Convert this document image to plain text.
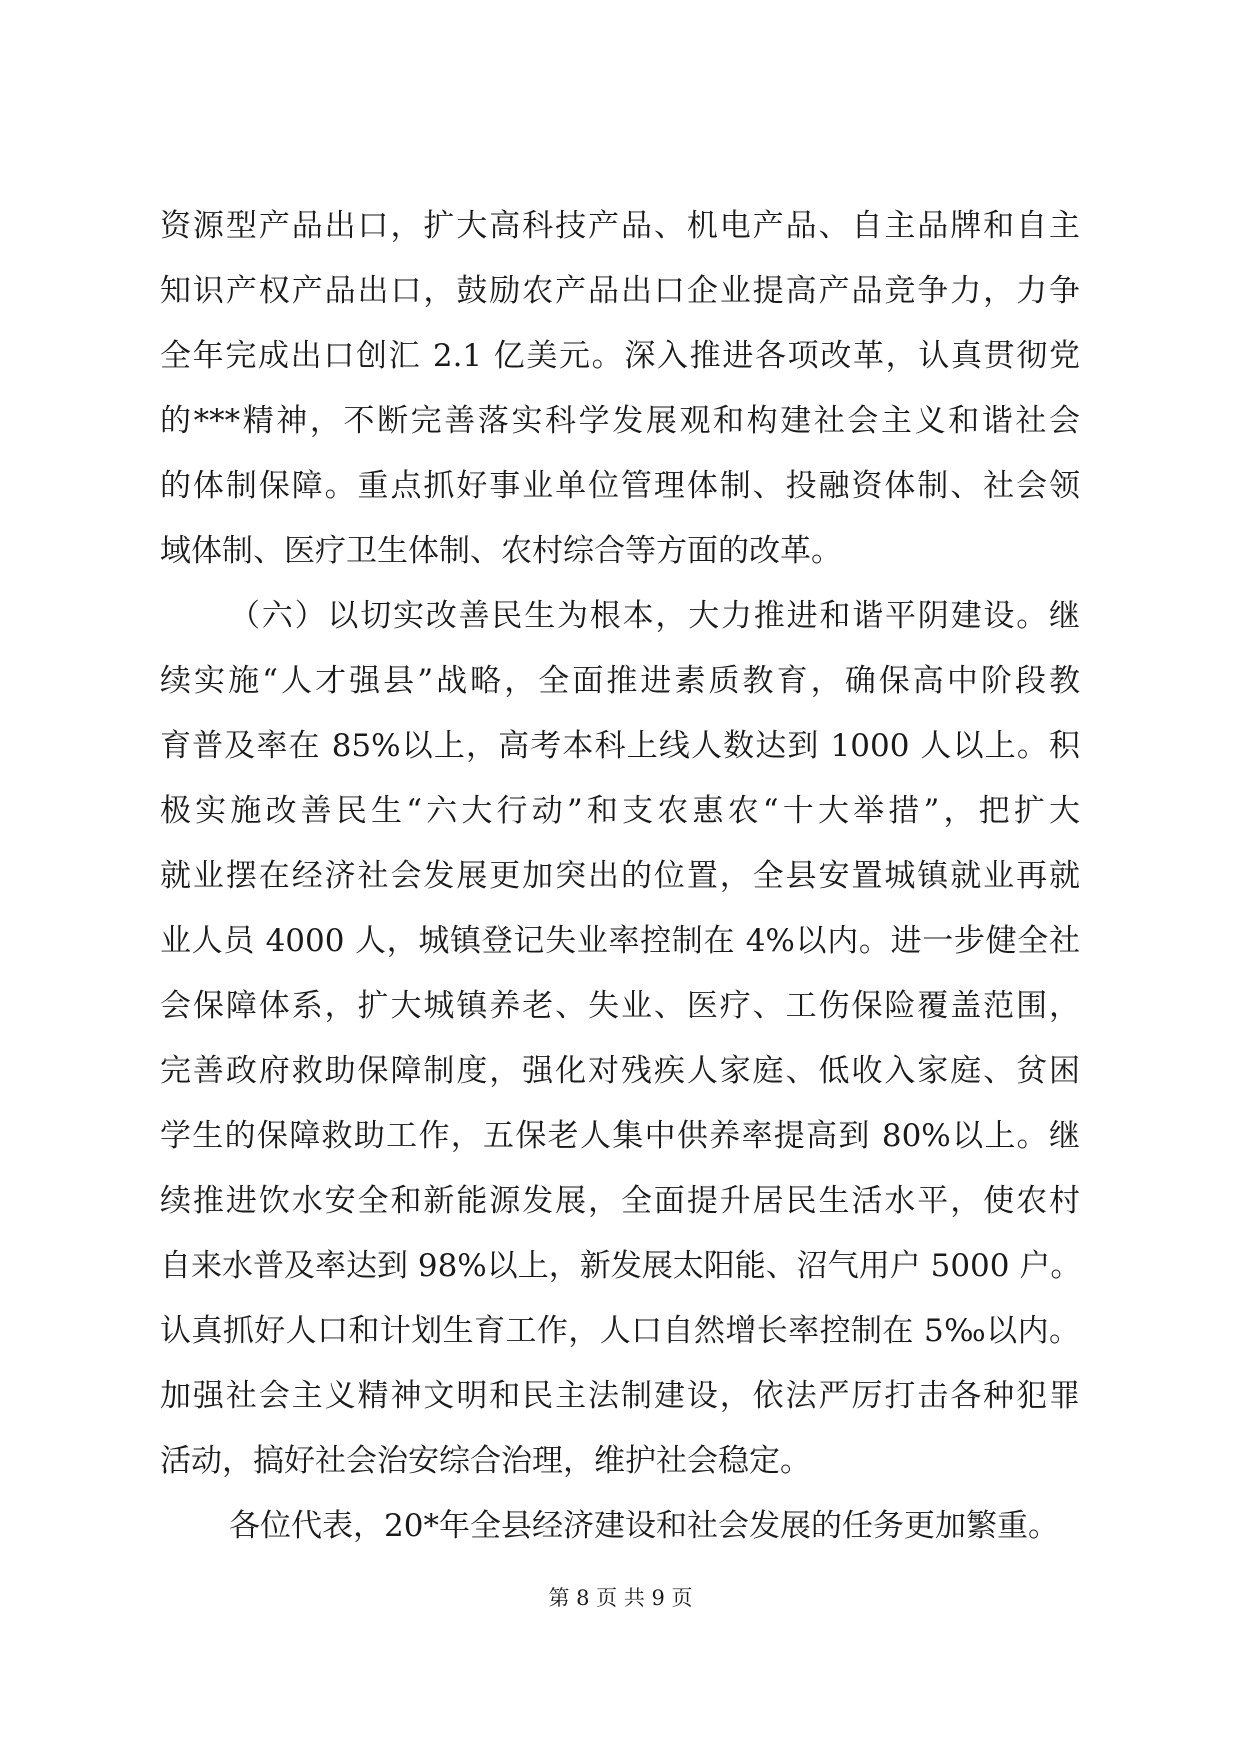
资源型产品出口，扩大高科技产品、机电产品、自主品牌和自主
知识产权产品出口，鼓励农产品出口企业提高产品竞争力，力争
全年完成出口创汇 2.1 亿美元。深入推进各项改革，认真贯彻党
的***精神，不断完善落实科学发展观和构建社会主义和谐社会
的体制保障。重点抓好事业单位管理体制、投融资体制、社会领
域体制、医疗卫生体制、农村综合等方面的改革。
（六）以切实改善民生为根本，大力推进和谐平阴建设。继
续实施“人才强县”战略，全面推进素质教育，确保高中阶段教
育普及率在 85%以上，高考本科上线人数达到 1000 人以上。积
极实施改善民生“六大行动”和支农惠农“十大举措”，把扩大
就业摆在经济社会发展更加突出的位置，全县安置城镇就业再就
业人员 4000 人，城镇登记失业率控制在 4%以内。进一步健全社
会保障体系，扩大城镇养老、失业、医疗、工伤保险覆盖范围，
完善政府救助保障制度，强化对残疾人家庭、低收入家庭、贫困
学生的保障救助工作，五保老人集中供养率提高到 80%以上。继
续推进饮水安全和新能源发展，全面提升居民生活水平，使农村
自来水普及率达到 98%以上，新发展太阳能、沼气用户 5000 户。
认真抓好人口和计划生育工作，人口自然增长率控制在 5‰以内。
加强社会主义精神文明和民主法制建设，依法严厉打击各种犯罪
活动，搞好社会治安综合治理，维护社会稳定。
各位代表，20*年全县经济建设和社会发展的任务更加繁重。
第 8 页 共 9 页
